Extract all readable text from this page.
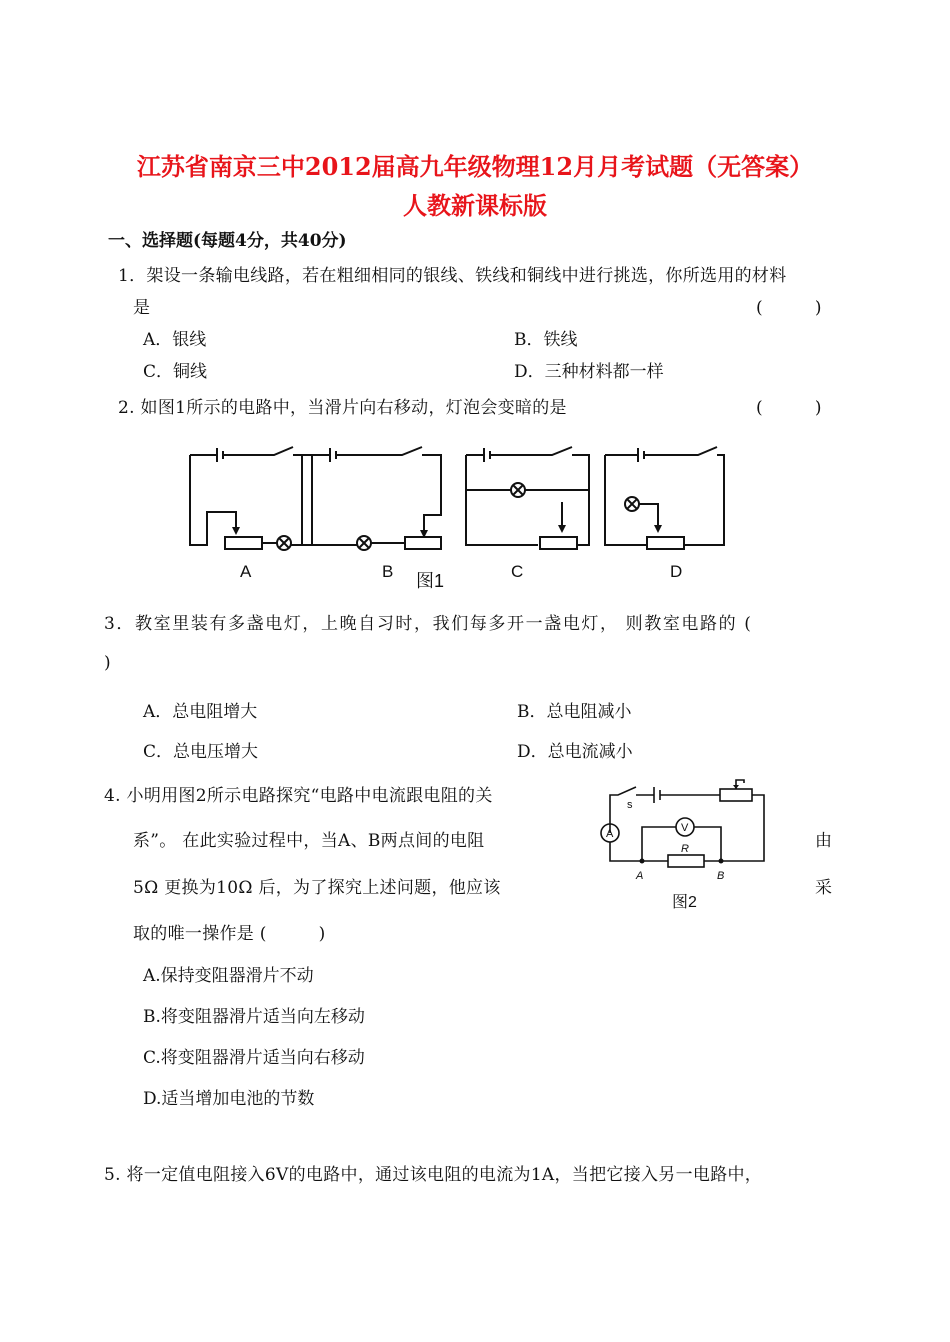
江苏省南京三中2012届高九年级物理12月月考试题（无答案）
人教新课标版
一、选择题(每题4分，共40分)
1．架设一条输电线路，若在粗细相同的银线、铁线和铜线中进行挑选，你所选用的材料
是	(　　　)
A．银线	B．铁线
C．铜线	D．三种材料都一样
2. 如图1所示的电路中，当滑片向右移动，灯泡会变暗的是	(　　　)
A	B	C	D
图1
3．教室里装有多盏电灯，上晚自习时，我们每多开一盏电灯， 则教室电路的 (
)
A．总电阻增大	B．总电阻减小
C．总电压增大	D．总电流减小
4. 小明用图2所示电路探究“电路中电流跟电阻的关
系”。 在此实验过程中，当A、B两点间的电阻	由
5Ω 更换为10Ω 后，为了探究上述问题，他应该	采
取的唯一操作是 (　　　)
s
A	V
R
A	B
图2
A.保持变阻器滑片不动
B.将变阻器滑片适当向左移动
C.将变阻器滑片适当向右移动
D.适当增加电池的节数
5. 将一定值电阻接入6V的电路中，通过该电阻的电流为1A，当把它接入另一电路中，
